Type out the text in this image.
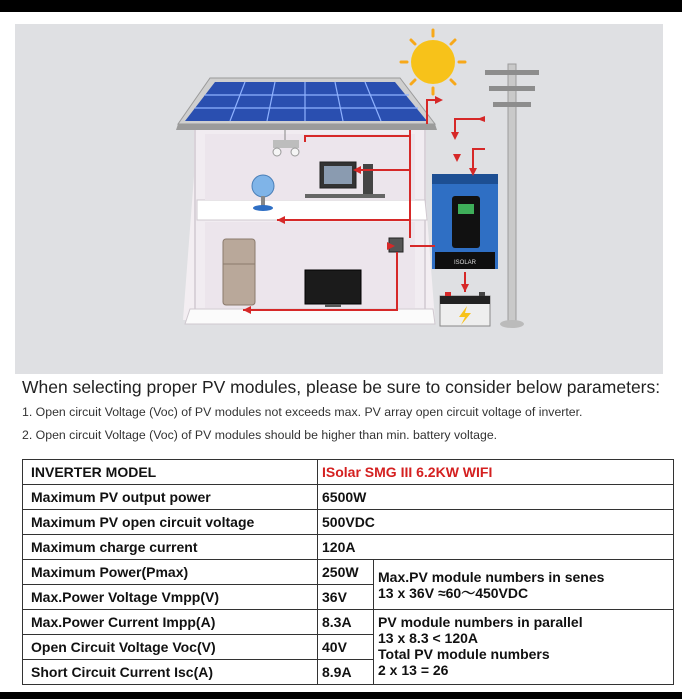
ISOLAR
When selecting proper PV modules, please be sure to consider below parameters:
1. Open circuit Voltage (Voc) of PV modules not exceeds max. PV array open circuit voltage of inverter.
2. Open circuit Voltage (Voc) of PV modules should be higher than min. battery voltage.
INVERTER MODEL	ISolar SMG III 6.2KW WIFI	
Maximum PV output power	6500W	
Maximum PV open circuit voltage	500VDC	
Maximum charge current	120A	
Maximum Power(Pmax)	250W	Max.PV module numbers in senes
13 x 36V ≈60～450VDC

Max.Power Voltage Vmpp(V)	36V	
Max.Power Current Impp(A)	8.3A	PV module numbers in parallel
13 x 8.3 < 120A
Total PV module numbers
2 x 13 = 26

Open Circuit Voltage Voc(V)	40V	
Short Circuit Current Isc(A)	8.9A	
